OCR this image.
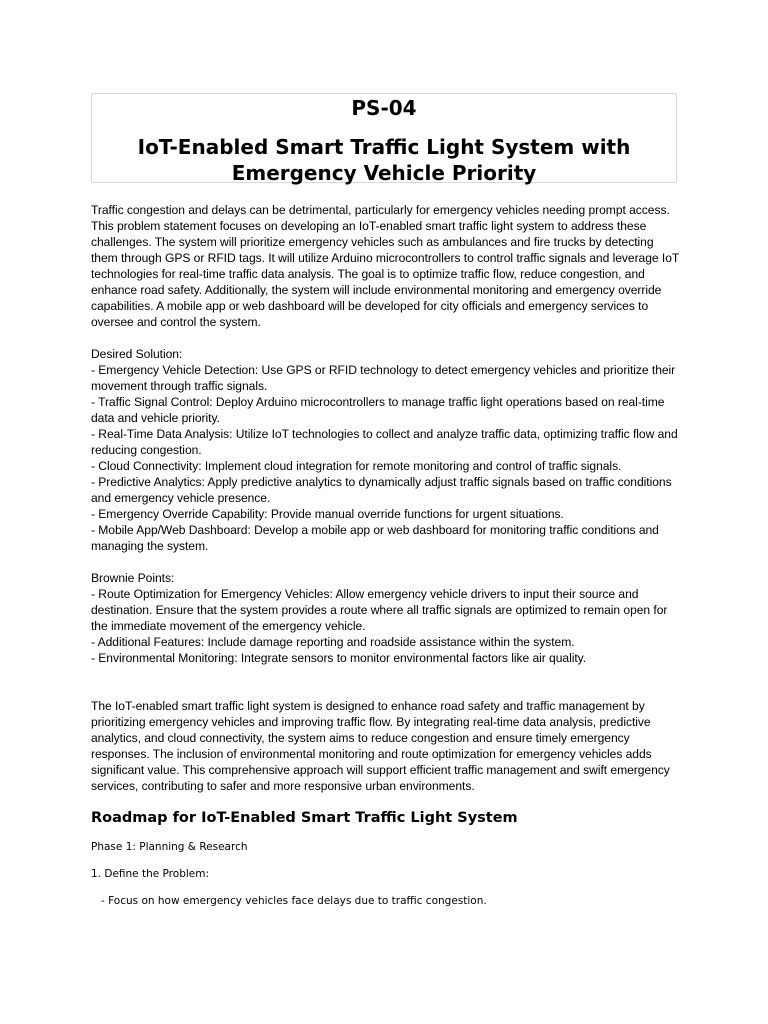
PS-04
IoT-Enabled Smart Traffic Light System with Emergency Vehicle Priority

Traffic congestion and delays can be detrimental, particularly for emergency vehicles needing prompt access. This problem statement focuses on developing an IoT-enabled smart traffic light system to address these challenges. The system will prioritize emergency vehicles such as ambulances and fire trucks by detecting them through GPS or RFID tags. It will utilize Arduino microcontrollers to control traffic signals and leverage IoT technologies for real-time traffic data analysis. The goal is to optimize traffic flow, reduce congestion, and enhance road safety. Additionally, the system will include environmental monitoring and emergency override capabilities. A mobile app or web dashboard will be developed for city officials and emergency services to oversee and control the system.

Desired Solution:

- Emergency Vehicle Detection: Use GPS or RFID technology to detect emergency vehicles and prioritize their movement through traffic signals.

- Traffic Signal Control: Deploy Arduino microcontrollers to manage traffic light operations based on real-time data and vehicle priority.

- Real-Time Data Analysis: Utilize IoT technologies to collect and analyze traffic data, optimizing traffic flow and reducing congestion.

- Cloud Connectivity: Implement cloud integration for remote monitoring and control of traffic signals.

- Predictive Analytics: Apply predictive analytics to dynamically adjust traffic signals based on traffic conditions and emergency vehicle presence.

- Emergency Override Capability: Provide manual override functions for urgent situations.

- Mobile App/Web Dashboard: Develop a mobile app or web dashboard for monitoring traffic conditions and managing the system.

Brownie Points:

- Route Optimization for Emergency Vehicles: Allow emergency vehicle drivers to input their source and destination. Ensure that the system provides a route where all traffic signals are optimized to remain open for the immediate movement of the emergency vehicle.

- Additional Features: Include damage reporting and roadside assistance within the system.

- Environmental Monitoring: Integrate sensors to monitor environmental factors like air quality.

The IoT-enabled smart traffic light system is designed to enhance road safety and traffic management by prioritizing emergency vehicles and improving traffic flow. By integrating real-time data analysis, predictive analytics, and cloud connectivity, the system aims to reduce congestion and ensure timely emergency responses. The inclusion of environmental monitoring and route optimization for emergency vehicles adds significant value. This comprehensive approach will support efficient traffic management and swift emergency services, contributing to safer and more responsive urban environments.

Roadmap for IoT-Enabled Smart Traffic Light System

Phase 1: Planning & Research

1. Define the Problem:

- Focus on how emergency vehicles face delays due to traffic congestion.
